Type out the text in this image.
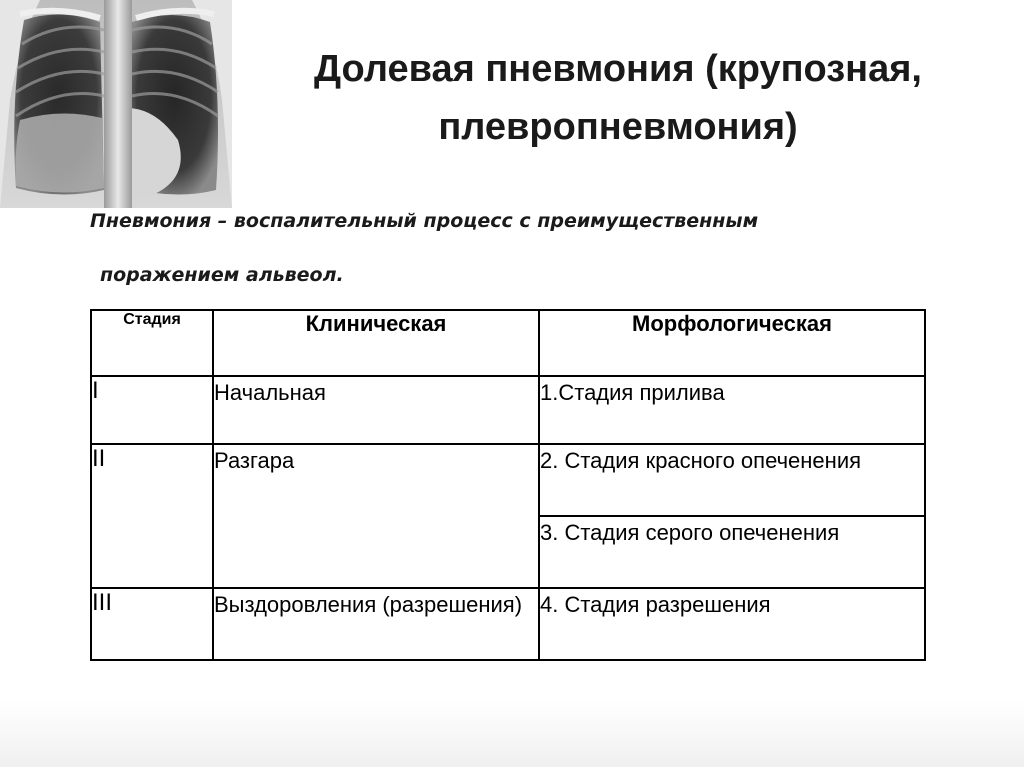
Долевая пневмония (крупозная,
плевропневмония)
Пневмония – воспалительный процесс с преимущественным
поражением альвеол.
Стадия	Клиническая	Морфологическая
I	Начальная	1.Стадия прилива
II	Разгара	2. Стадия красного опеченения
		3. Стадия серого опеченения
III	Выздоровления (разрешения)	4. Стадия разрешения
